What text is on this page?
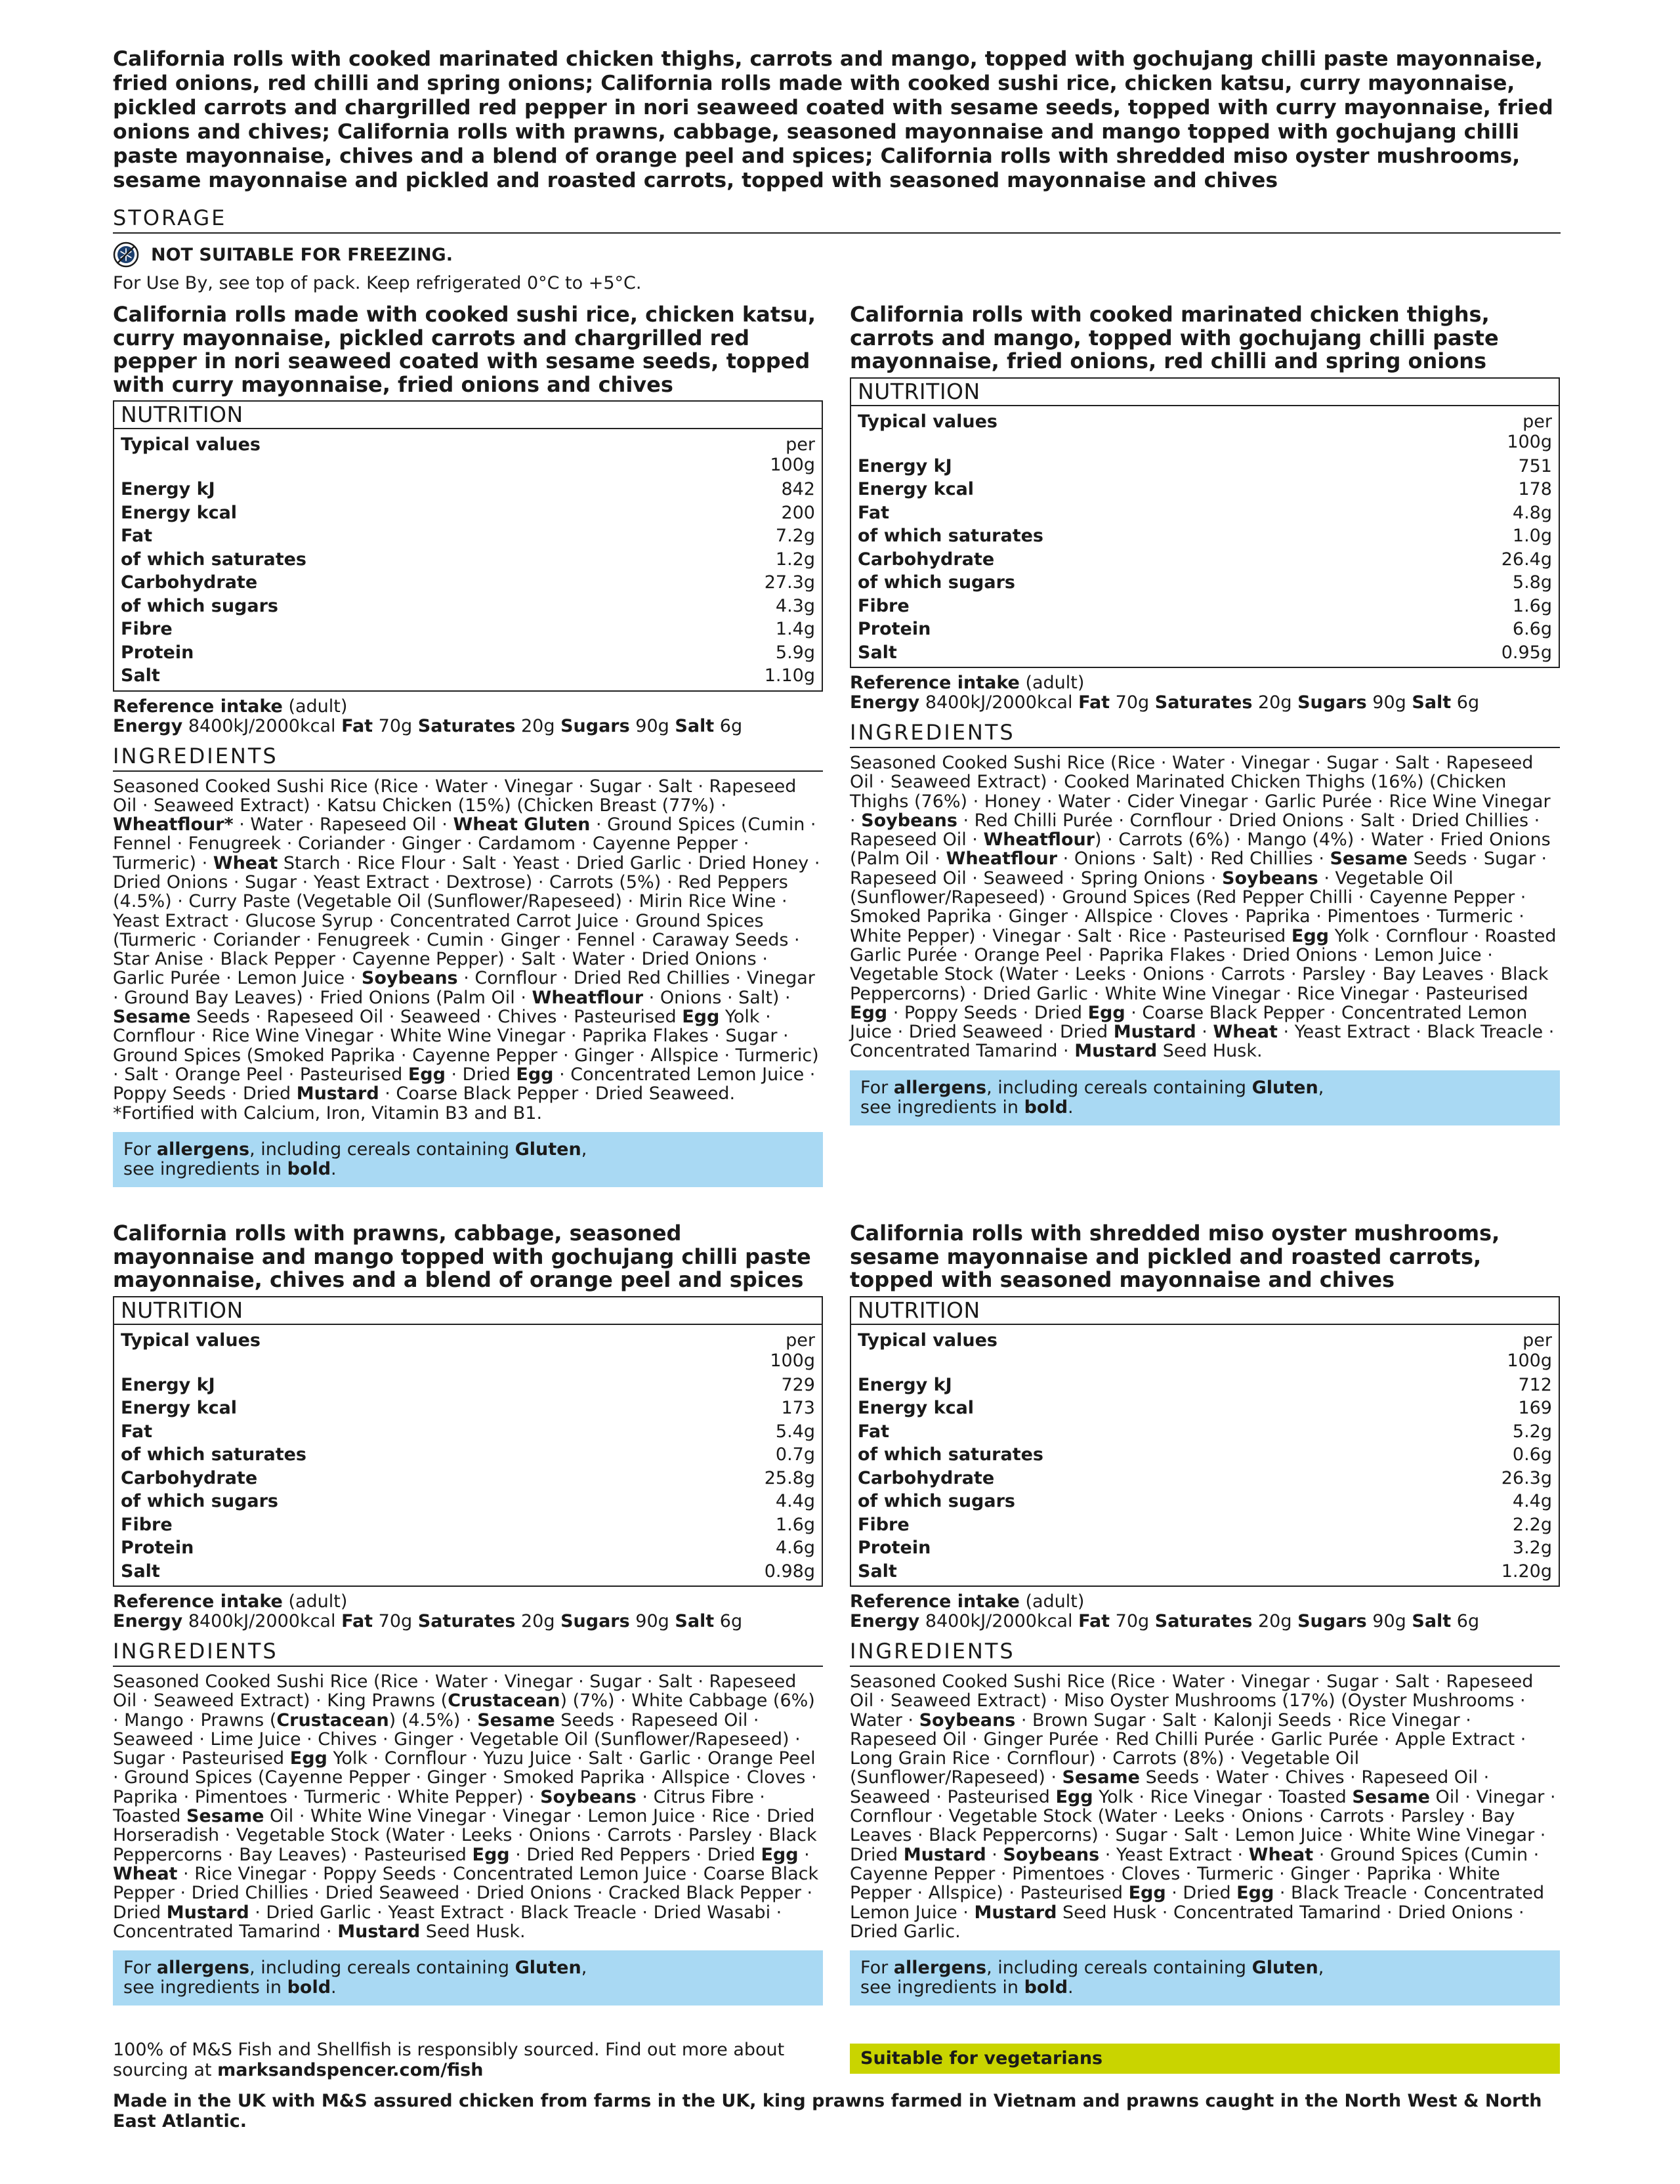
California rolls with cooked marinated chicken thighs, carrots and mango, topped with gochujang chilli paste mayonnaise, fried onions, red chilli and spring onions; California rolls made with cooked sushi rice, chicken katsu, curry mayonnaise, pickled carrots and chargrilled red pepper in nori seaweed coated with sesame seeds, topped with curry mayonnaise, fried onions and chives; California rolls with prawns, cabbage, seasoned mayonnaise and mango topped with gochujang chilli paste mayonnaise, chives and a blend of orange peel and spices; California rolls with shredded miso oyster mushrooms, sesame mayonnaise and pickled and roasted carrots, topped with seasoned mayonnaise and chives
STORAGE
NOT SUITABLE FOR FREEZING.
For Use By, see top of pack. Keep refrigerated 0°C to +5°C.
California rolls made with cooked sushi rice, chicken katsu, curry mayonnaise, pickled carrots and chargrilled red pepper in nori seaweed coated with sesame seeds, topped with curry mayonnaise, fried onions and chives
NUTRITION
Typical values	per
100g
Energy kJ	842
Energy kcal	200
Fat	7.2g
of which saturates	1.2g
Carbohydrate	27.3g
of which sugars	4.3g
Fibre	1.4g
Protein	5.9g
Salt	1.10g
Reference intake (adult)
Energy 8400kJ/2000kcal Fat 70g Saturates 20g Sugars 90g Salt 6g
INGREDIENTS
Seasoned Cooked Sushi Rice (Rice · Water · Vinegar · Sugar · Salt · Rapeseed Oil · Seaweed Extract) · Katsu Chicken (15%) (Chicken Breast (77%) · Wheatflour* · Water · Rapeseed Oil · Wheat Gluten · Ground Spices (Cumin · Fennel · Fenugreek · Coriander · Ginger · Cardamom · Cayenne Pepper · Turmeric) · Wheat Starch · Rice Flour · Salt · Yeast · Dried Garlic · Dried Honey · Dried Onions · Sugar · Yeast Extract · Dextrose) · Carrots (5%) · Red Peppers (4.5%) · Curry Paste (Vegetable Oil (Sunflower/Rapeseed) · Mirin Rice Wine · Yeast Extract · Glucose Syrup · Concentrated Carrot Juice · Ground Spices (Turmeric · Coriander · Fenugreek · Cumin · Ginger · Fennel · Caraway Seeds · Star Anise · Black Pepper · Cayenne Pepper) · Salt · Water · Dried Onions · Garlic Purée · Lemon Juice · Soybeans · Cornflour · Dried Red Chillies · Vinegar · Ground Bay Leaves) · Fried Onions (Palm Oil · Wheatflour · Onions · Salt) · Sesame Seeds · Rapeseed Oil · Seaweed · Chives · Pasteurised Egg Yolk · Cornflour · Rice Wine Vinegar · White Wine Vinegar · Paprika Flakes · Sugar · Ground Spices (Smoked Paprika · Cayenne Pepper · Ginger · Allspice · Turmeric) · Salt · Orange Peel · Pasteurised Egg · Dried Egg · Concentrated Lemon Juice · Poppy Seeds · Dried Mustard · Coarse Black Pepper · Dried Seaweed.
*Fortified with Calcium, Iron, Vitamin B3 and B1.
For allergens, including cereals containing Gluten,
see ingredients in bold.
California rolls with cooked marinated chicken thighs, carrots and mango, topped with gochujang chilli paste mayonnaise, fried onions, red chilli and spring onions
NUTRITION
Typical values	per
100g
Energy kJ	751
Energy kcal	178
Fat	4.8g
of which saturates	1.0g
Carbohydrate	26.4g
of which sugars	5.8g
Fibre	1.6g
Protein	6.6g
Salt	0.95g
Reference intake (adult)
Energy 8400kJ/2000kcal Fat 70g Saturates 20g Sugars 90g Salt 6g
INGREDIENTS
Seasoned Cooked Sushi Rice (Rice · Water · Vinegar · Sugar · Salt · Rapeseed Oil · Seaweed Extract) · Cooked Marinated Chicken Thighs (16%) (Chicken Thighs (76%) · Honey · Water · Cider Vinegar · Garlic Purée · Rice Wine Vinegar · Soybeans · Red Chilli Purée · Cornflour · Dried Onions · Salt · Dried Chillies · Rapeseed Oil · Wheatflour) · Carrots (6%) · Mango (4%) · Water · Fried Onions (Palm Oil · Wheatflour · Onions · Salt) · Red Chillies · Sesame Seeds · Sugar · Rapeseed Oil · Seaweed · Spring Onions · Soybeans · Vegetable Oil (Sunflower/Rapeseed) · Ground Spices (Red Pepper Chilli · Cayenne Pepper · Smoked Paprika · Ginger · Allspice · Cloves · Paprika · Pimentoes · Turmeric · White Pepper) · Vinegar · Salt · Rice · Pasteurised Egg Yolk · Cornflour · Roasted Garlic Purée · Orange Peel · Paprika Flakes · Dried Onions · Lemon Juice · Vegetable Stock (Water · Leeks · Onions · Carrots · Parsley · Bay Leaves · Black Peppercorns) · Dried Garlic · White Wine Vinegar · Rice Vinegar · Pasteurised Egg · Poppy Seeds · Dried Egg · Coarse Black Pepper · Concentrated Lemon Juice · Dried Seaweed · Dried Mustard · Wheat · Yeast Extract · Black Treacle · Concentrated Tamarind · Mustard Seed Husk.
For allergens, including cereals containing Gluten,
see ingredients in bold.
California rolls with prawns, cabbage, seasoned mayonnaise and mango topped with gochujang chilli paste mayonnaise, chives and a blend of orange peel and spices
NUTRITION
Typical values	per
100g
Energy kJ	729
Energy kcal	173
Fat	5.4g
of which saturates	0.7g
Carbohydrate	25.8g
of which sugars	4.4g
Fibre	1.6g
Protein	4.6g
Salt	0.98g
Reference intake (adult)
Energy 8400kJ/2000kcal Fat 70g Saturates 20g Sugars 90g Salt 6g
INGREDIENTS
Seasoned Cooked Sushi Rice (Rice · Water · Vinegar · Sugar · Salt · Rapeseed Oil · Seaweed Extract) · King Prawns (Crustacean) (7%) · White Cabbage (6%) · Mango · Prawns (Crustacean) (4.5%) · Sesame Seeds · Rapeseed Oil · Seaweed · Lime Juice · Chives · Ginger · Vegetable Oil (Sunflower/Rapeseed) · Sugar · Pasteurised Egg Yolk · Cornflour · Yuzu Juice · Salt · Garlic · Orange Peel · Ground Spices (Cayenne Pepper · Ginger · Smoked Paprika · Allspice · Cloves · Paprika · Pimentoes · Turmeric · White Pepper) · Soybeans · Citrus Fibre · Toasted Sesame Oil · White Wine Vinegar · Vinegar · Lemon Juice · Rice · Dried Horseradish · Vegetable Stock (Water · Leeks · Onions · Carrots · Parsley · Black Peppercorns · Bay Leaves) · Pasteurised Egg · Dried Red Peppers · Dried Egg · Wheat · Rice Vinegar · Poppy Seeds · Concentrated Lemon Juice · Coarse Black Pepper · Dried Chillies · Dried Seaweed · Dried Onions · Cracked Black Pepper · Dried Mustard · Dried Garlic · Yeast Extract · Black Treacle · Dried Wasabi · Concentrated Tamarind · Mustard Seed Husk.
For allergens, including cereals containing Gluten,
see ingredients in bold.
California rolls with shredded miso oyster mushrooms, sesame mayonnaise and pickled and roasted carrots, topped with seasoned mayonnaise and chives
NUTRITION
Typical values	per
100g
Energy kJ	712
Energy kcal	169
Fat	5.2g
of which saturates	0.6g
Carbohydrate	26.3g
of which sugars	4.4g
Fibre	2.2g
Protein	3.2g
Salt	1.20g
Reference intake (adult)
Energy 8400kJ/2000kcal Fat 70g Saturates 20g Sugars 90g Salt 6g
INGREDIENTS
Seasoned Cooked Sushi Rice (Rice · Water · Vinegar · Sugar · Salt · Rapeseed Oil · Seaweed Extract) · Miso Oyster Mushrooms (17%) (Oyster Mushrooms · Water · Soybeans · Brown Sugar · Salt · Kalonji Seeds · Rice Vinegar · Rapeseed Oil · Ginger Purée · Red Chilli Purée · Garlic Purée · Apple Extract · Long Grain Rice · Cornflour) · Carrots (8%) · Vegetable Oil (Sunflower/Rapeseed) · Sesame Seeds · Water · Chives · Rapeseed Oil · Seaweed · Pasteurised Egg Yolk · Rice Vinegar · Toasted Sesame Oil · Vinegar · Cornflour · Vegetable Stock (Water · Leeks · Onions · Carrots · Parsley · Bay Leaves · Black Peppercorns) · Sugar · Salt · Lemon Juice · White Wine Vinegar · Dried Mustard · Soybeans · Yeast Extract · Wheat · Ground Spices (Cumin · Cayenne Pepper · Pimentoes · Cloves · Turmeric · Ginger · Paprika · White Pepper · Allspice) · Pasteurised Egg · Dried Egg · Black Treacle · Concentrated Lemon Juice · Mustard Seed Husk · Concentrated Tamarind · Dried Onions · Dried Garlic.
For allergens, including cereals containing Gluten,
see ingredients in bold.
100% of M&S Fish and Shellfish is responsibly sourced. Find out more about sourcing at marksandspencer.com/fish
Suitable for vegetarians
Made in the UK with M&S assured chicken from farms in the UK, king prawns farmed in Vietnam and prawns caught in the North West & North East Atlantic.
